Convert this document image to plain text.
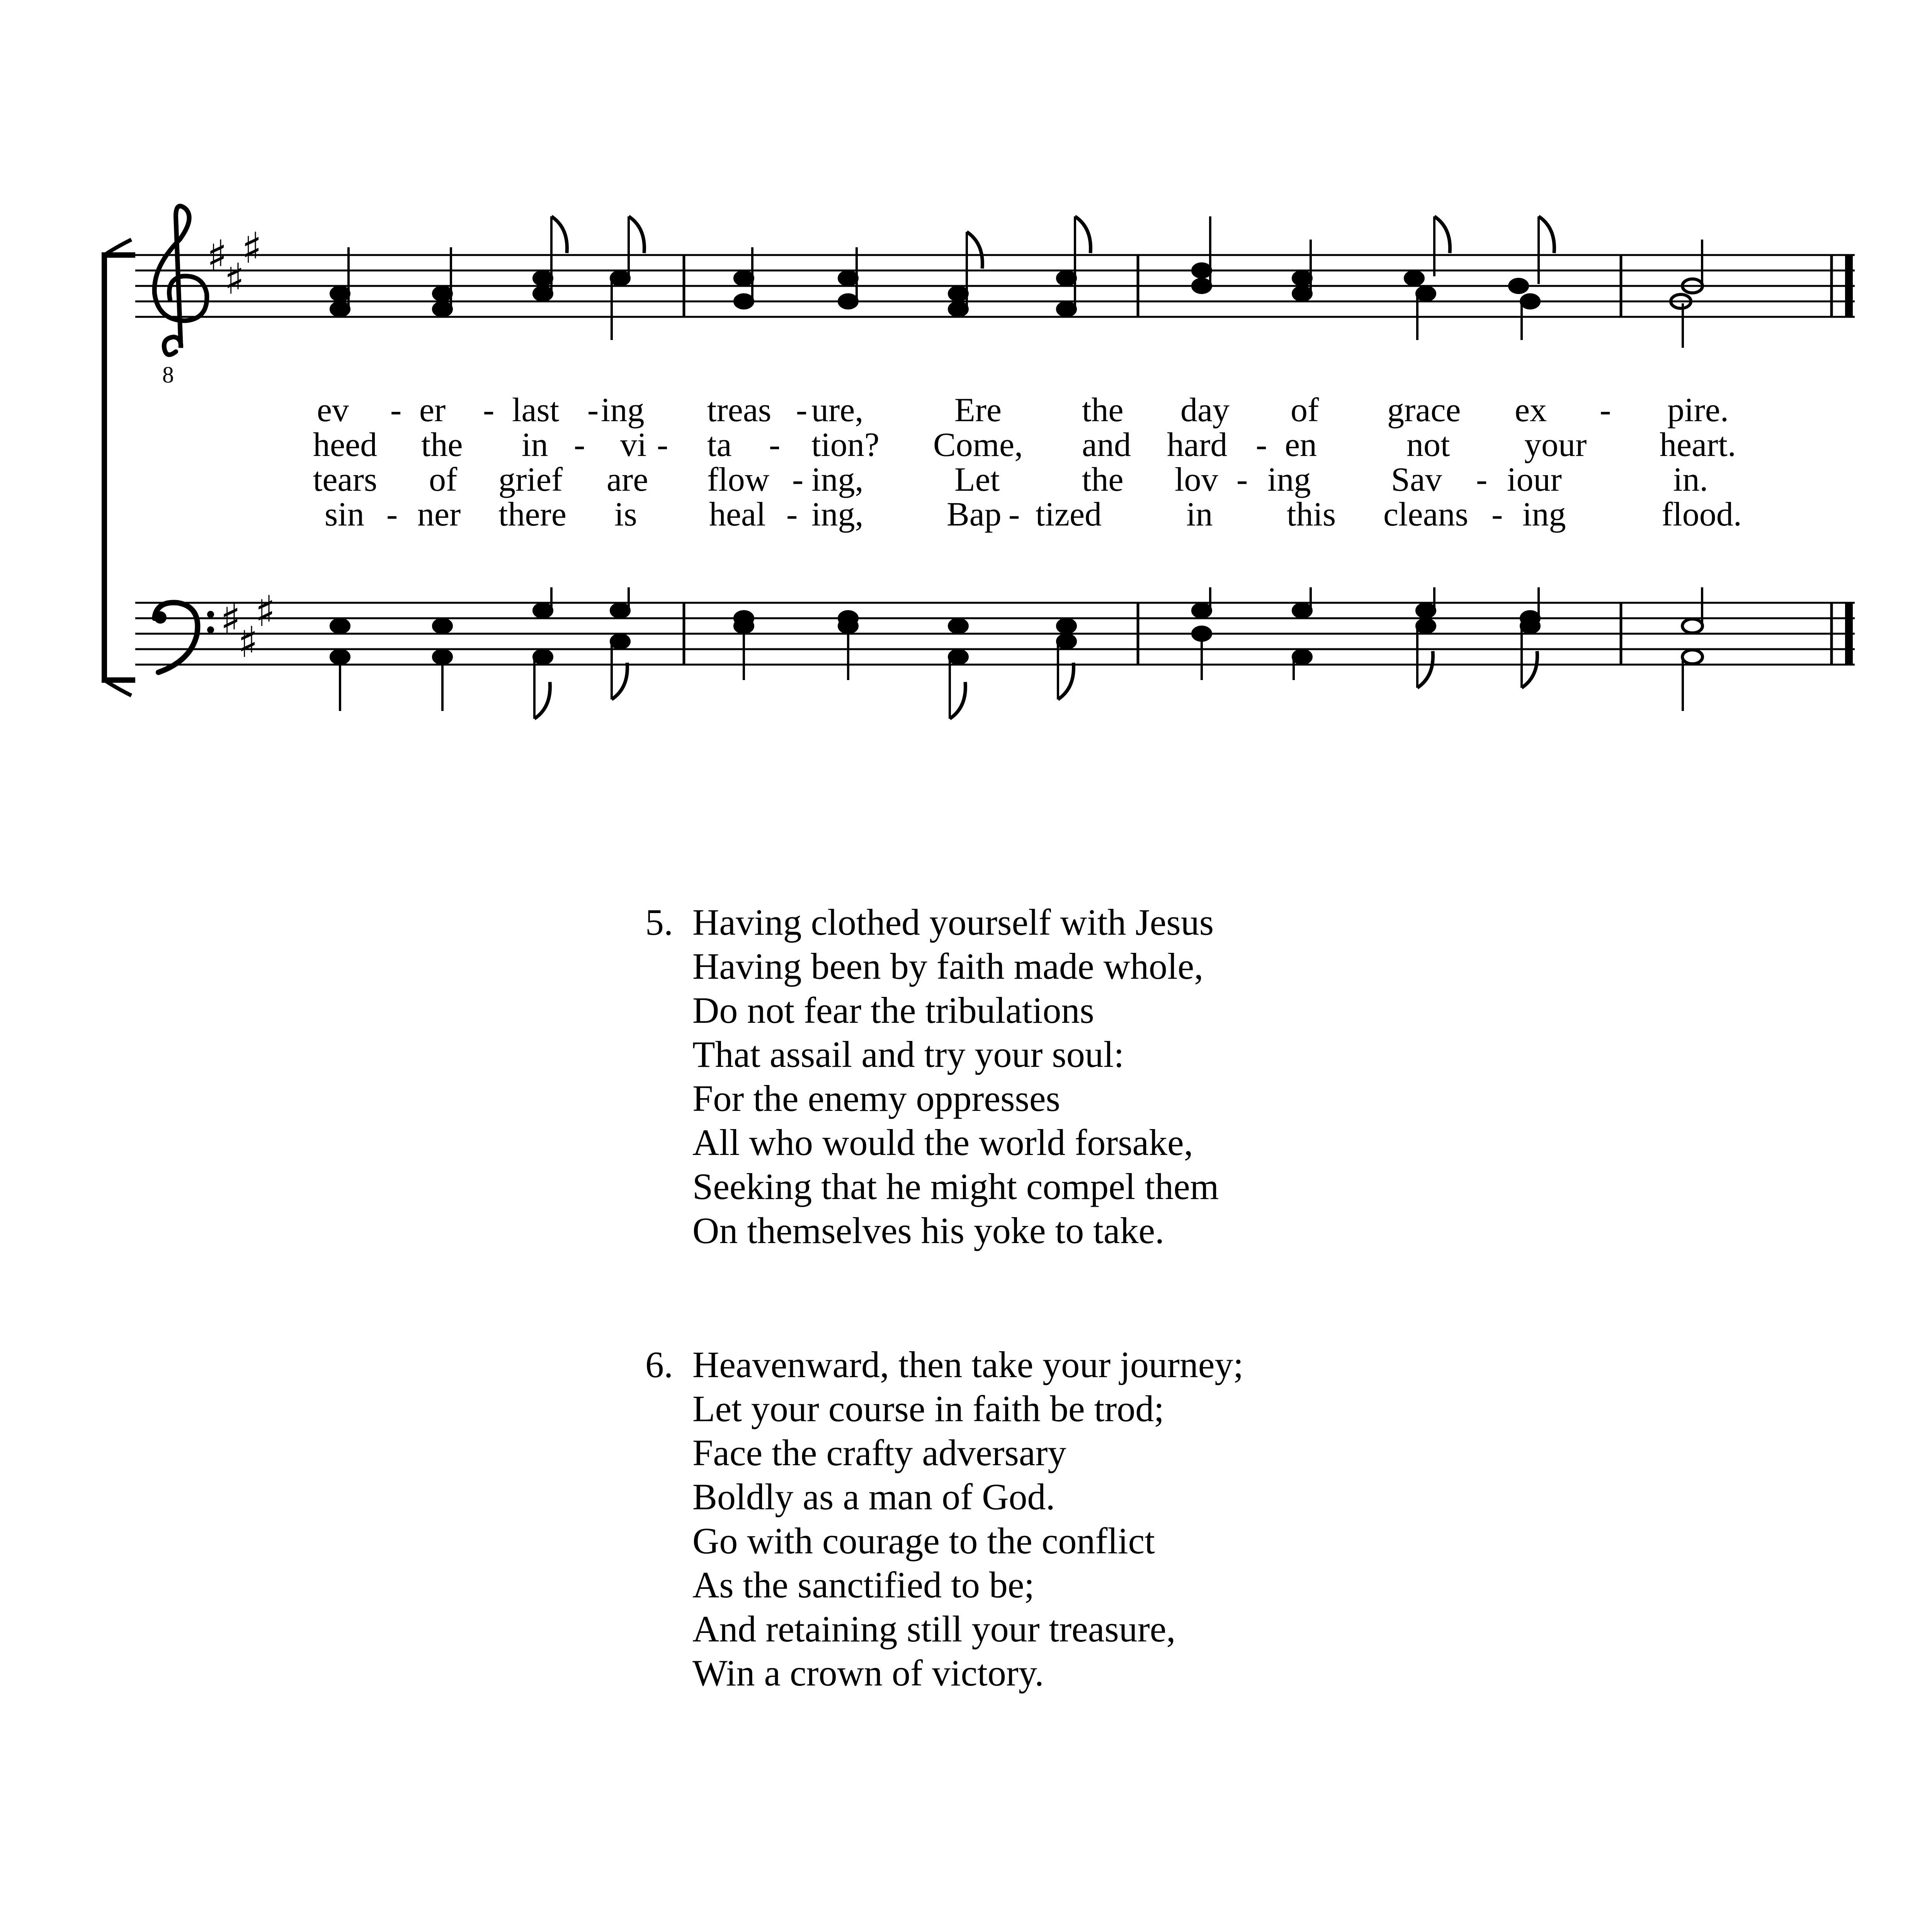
8
♯
♯
♯
ev - er - last - ing treas - ure,	Ere the day of grace ex - pire.
heed the in - vi - ta - tion? Come, and hard - en	not your heart.
tears of grief are flow - ing,	Let the lov - ing Sav - iour	in.
sin - ner there is heal - ing, Bap - tized in this cleans - ing	flood.
♯
♯
♯
5. Having clothed yourself with Jesus
Having been by faith made whole,
Do not fear the tribulations
That assail and try your soul:
For the enemy oppresses
All who would the world forsake,
Seeking that he might compel them
On themselves his yoke to take.
6. Heavenward, then take your journey;
Let your course in faith be trod;
Face the crafty adversary
Boldly as a man of God.
Go with courage to the conflict
As the sanctified to be;
And retaining still your treasure,
Win a crown of victory.
